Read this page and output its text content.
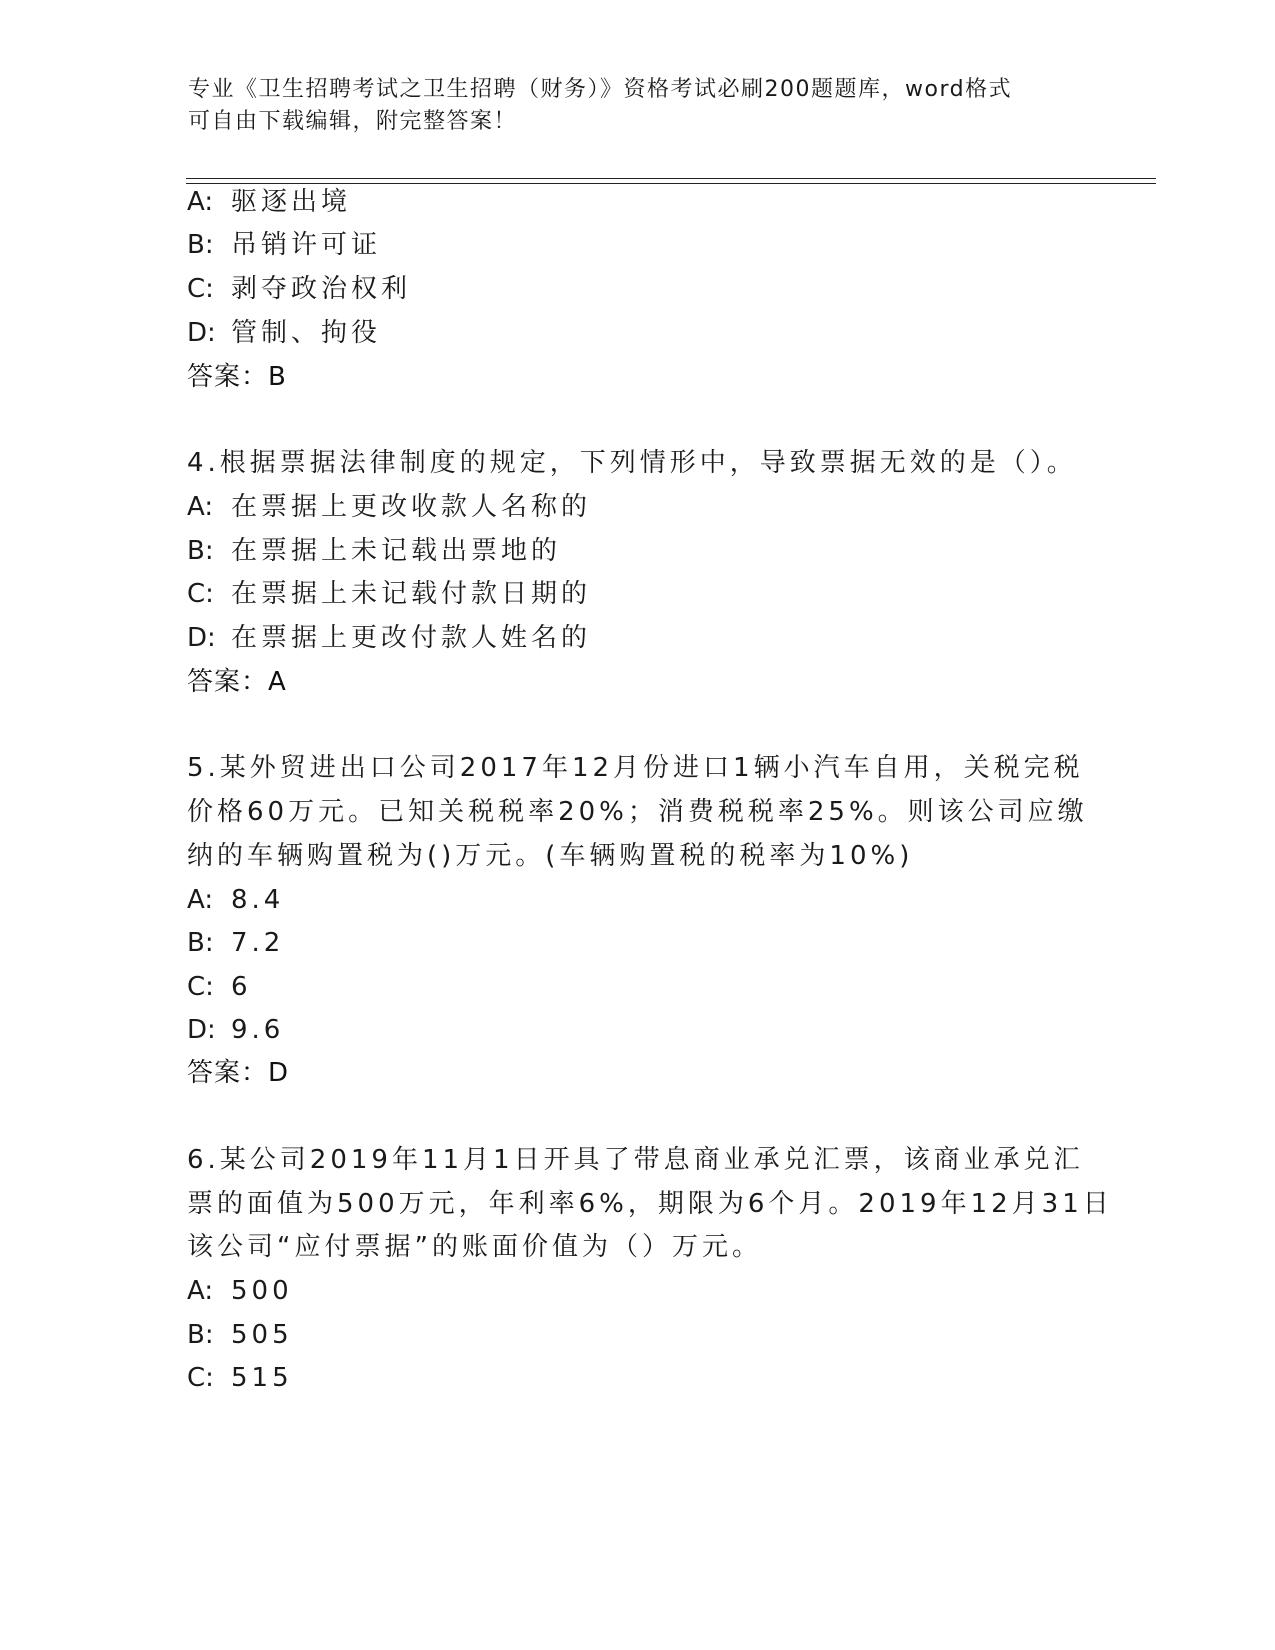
专业《卫生招聘考试之卫生招聘（财务）》资格考试必刷200题题库，word格式
可自由下载编辑，附完整答案！
A: 驱逐出境
B: 吊销许可证
C: 剥夺政治权利
D: 管制、拘役
答案：B
4.根据票据法律制度的规定，下列情形中，导致票据无效的是（）。
A: 在票据上更改收款人名称的
B: 在票据上未记载出票地的
C: 在票据上未记载付款日期的
D: 在票据上更改付款人姓名的
答案：A
5.某外贸进出口公司2017年12月份进口1辆小汽车自用，关税完税
价格60万元。已知关税税率20%；消费税税率25%。则该公司应缴
纳的车辆购置税为()万元。(车辆购置税的税率为10%)
A: 8.4
B: 7.2
C: 6
D: 9.6
答案：D
6.某公司2019年11月1日开具了带息商业承兑汇票，该商业承兑汇
票的面值为500万元，年利率6%，期限为6个月。2019年12月31日
该公司“应付票据”的账面价值为（）万元。
A: 500
B: 505
C: 515
